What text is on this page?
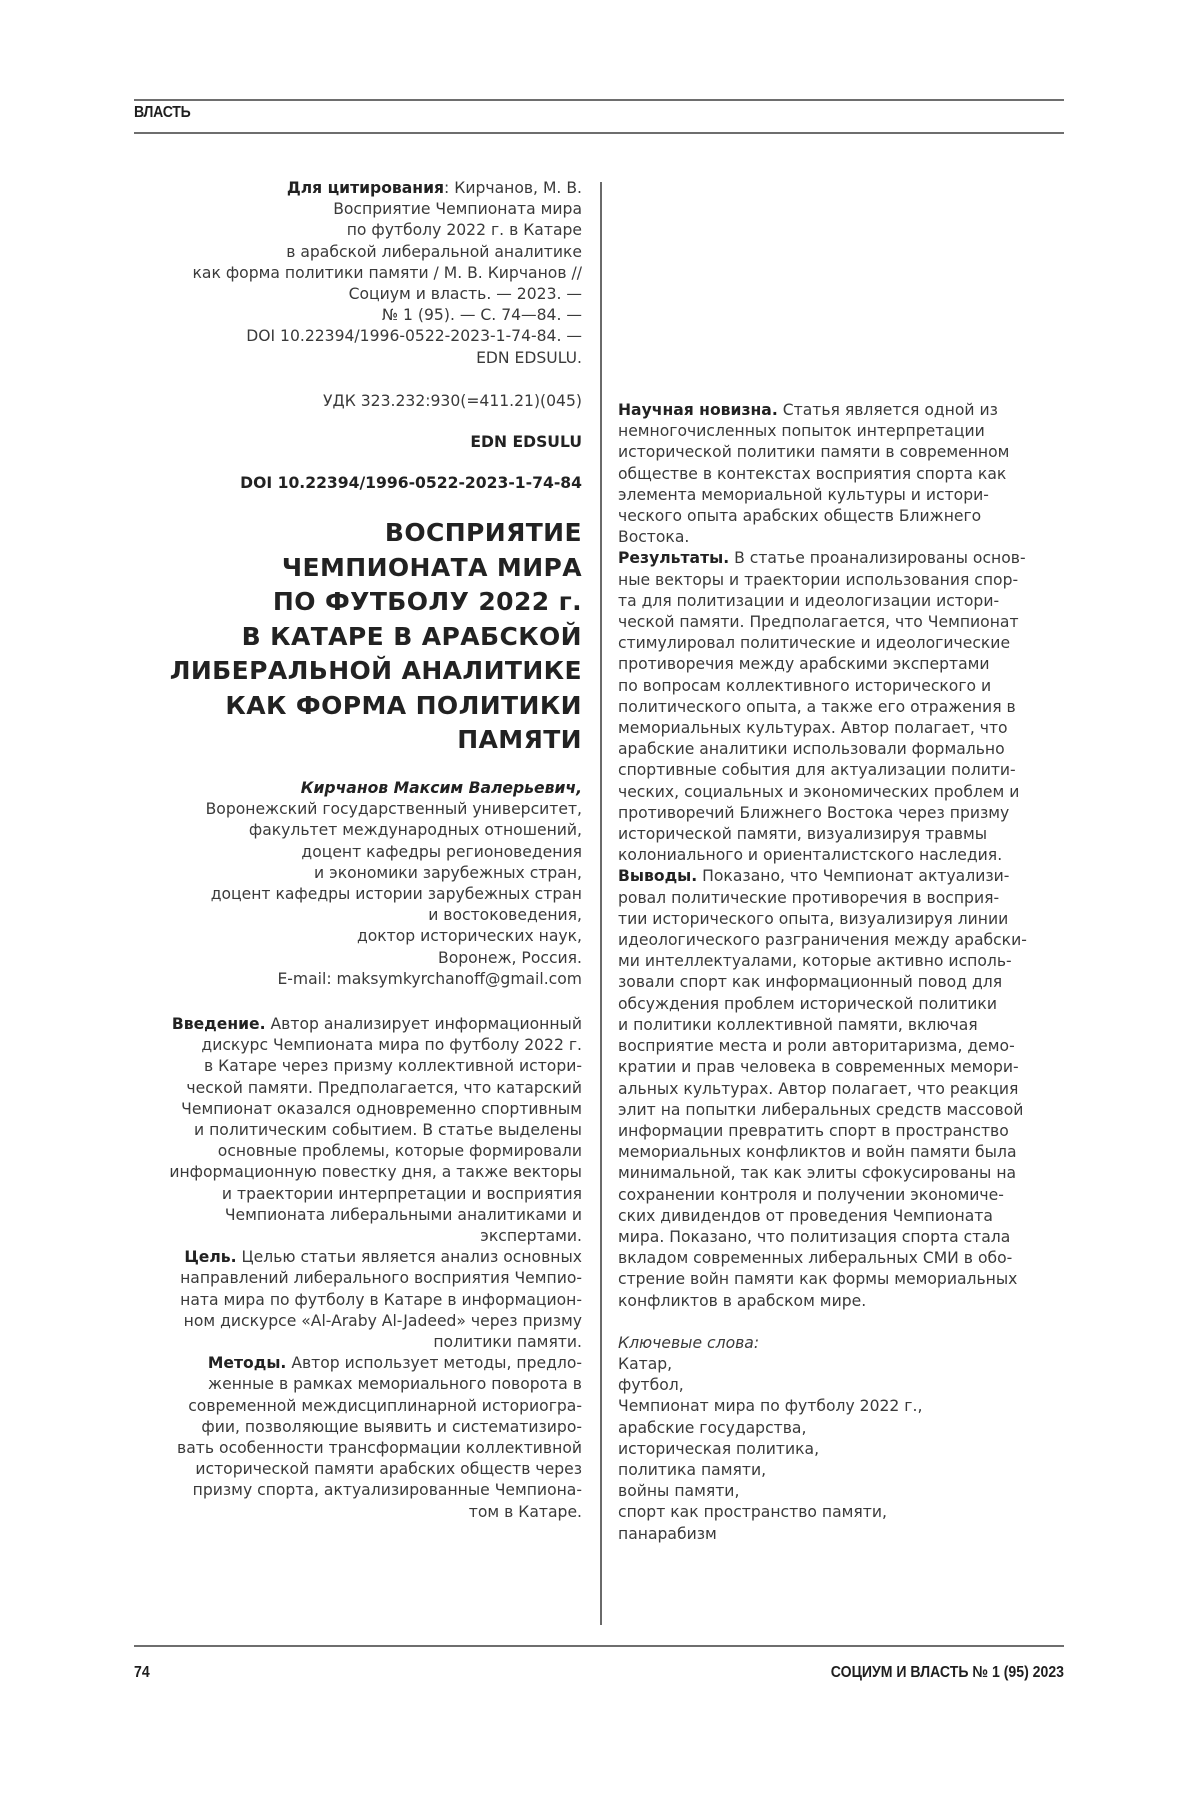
ВЛАСТЬ
Для цитирования: Кирчанов, М. В.
Восприятие Чемпионата мира
по футболу 2022 г. в Катаре
в арабской либеральной аналитике
как форма политики памяти / М. В. Кирчанов //
Социум и власть. — 2023. —
№ 1 (95). — С. 74—84. —
DOI 10.22394/1996-0522-2023-1-74-84. —
EDN EDSULU.
УДК 323.232:930(=411.21)(045)
EDN EDSULU
DOI 10.22394/1996-0522-2023-1-74-84
ВОСПРИЯТИЕ
ЧЕМПИОНАТА МИРА
ПО ФУТБОЛУ 2022 г.
В КАТАРЕ В АРАБСКОЙ
ЛИБЕРАЛЬНОЙ АНАЛИТИКЕ
КАК ФОРМА ПОЛИТИКИ
ПАМЯТИ
Кирчанов Максим Валерьевич,
Воронежский государственный университет,
факультет международных отношений,
доцент кафедры регионоведения
и экономики зарубежных стран,
доцент кафедры истории зарубежных стран
и востоковедения,
доктор исторических наук,
Воронеж, Россия.
E-mail: maksymkyrchanoff@gmail.com
Введение. Автор анализирует информационный
дискурс Чемпионата мира по футболу 2022 г.
в Катаре через призму коллективной истори-
ческой памяти. Предполагается, что катарский
Чемпионат оказался одновременно спортивным
и политическим событием. В статье выделены
основные проблемы, которые формировали
информационную повестку дня, а также векторы
и траектории интерпретации и восприятия
Чемпионата либеральными аналитиками и
экспертами.
Цель. Целью статьи является анализ основных
направлений либерального восприятия Чемпио-
ната мира по футболу в Катаре в информацион-
ном дискурсе «Al-Araby Al-Jadeed» через призму
политики памяти.
Методы. Автор использует методы, предло-
женные в рамках мемориального поворота в
современной междисциплинарной историогра-
фии, позволяющие выявить и систематизиро-
вать особенности трансформации коллективной
исторической памяти арабских обществ через
призму спорта, актуализированные Чемпиона-
том в Катаре.
Научная новизна. Статья является одной из
немногочисленных попыток интерпретации
исторической политики памяти в современном
обществе в контекстах восприятия спорта как
элемента мемориальной культуры и истори-
ческого опыта арабских обществ Ближнего
Востока.
Результаты. В статье проанализированы основ-
ные векторы и траектории использования спор-
та для политизации и идеологизации истори-
ческой памяти. Предполагается, что Чемпионат
стимулировал политические и идеологические
противоречия между арабскими экспертами
по вопросам коллективного исторического и
политического опыта, а также его отражения в
мемориальных культурах. Автор полагает, что
арабские аналитики использовали формально
спортивные события для актуализации полити-
ческих, социальных и экономических проблем и
противоречий Ближнего Востока через призму
исторической памяти, визуализируя травмы
колониального и ориенталистского наследия.
Выводы. Показано, что Чемпионат актуализи-
ровал политические противоречия в восприя-
тии исторического опыта, визуализируя линии
идеологического разграничения между арабски-
ми интеллектуалами, которые активно исполь-
зовали спорт как информационный повод для
обсуждения проблем исторической политики
и политики коллективной памяти, включая
восприятие места и роли авторитаризма, демо-
кратии и прав человека в современных мемори-
альных культурах. Автор полагает, что реакция
элит на попытки либеральных средств массовой
информации превратить спорт в пространство
мемориальных конфликтов и войн памяти была
минимальной, так как элиты сфокусированы на
сохранении контроля и получении экономиче-
ских дивидендов от проведения Чемпионата
мира. Показано, что политизация спорта стала
вкладом современных либеральных СМИ в обо-
стрение войн памяти как формы мемориальных
конфликтов в арабском мире.
Ключевые слова:
Катар,
футбол,
Чемпионат мира по футболу 2022 г.,
арабские государства,
историческая политика,
политика памяти,
войны памяти,
спорт как пространство памяти,
панарабизм
74	СОЦИУМ И ВЛАСТЬ № 1 (95) 2023
